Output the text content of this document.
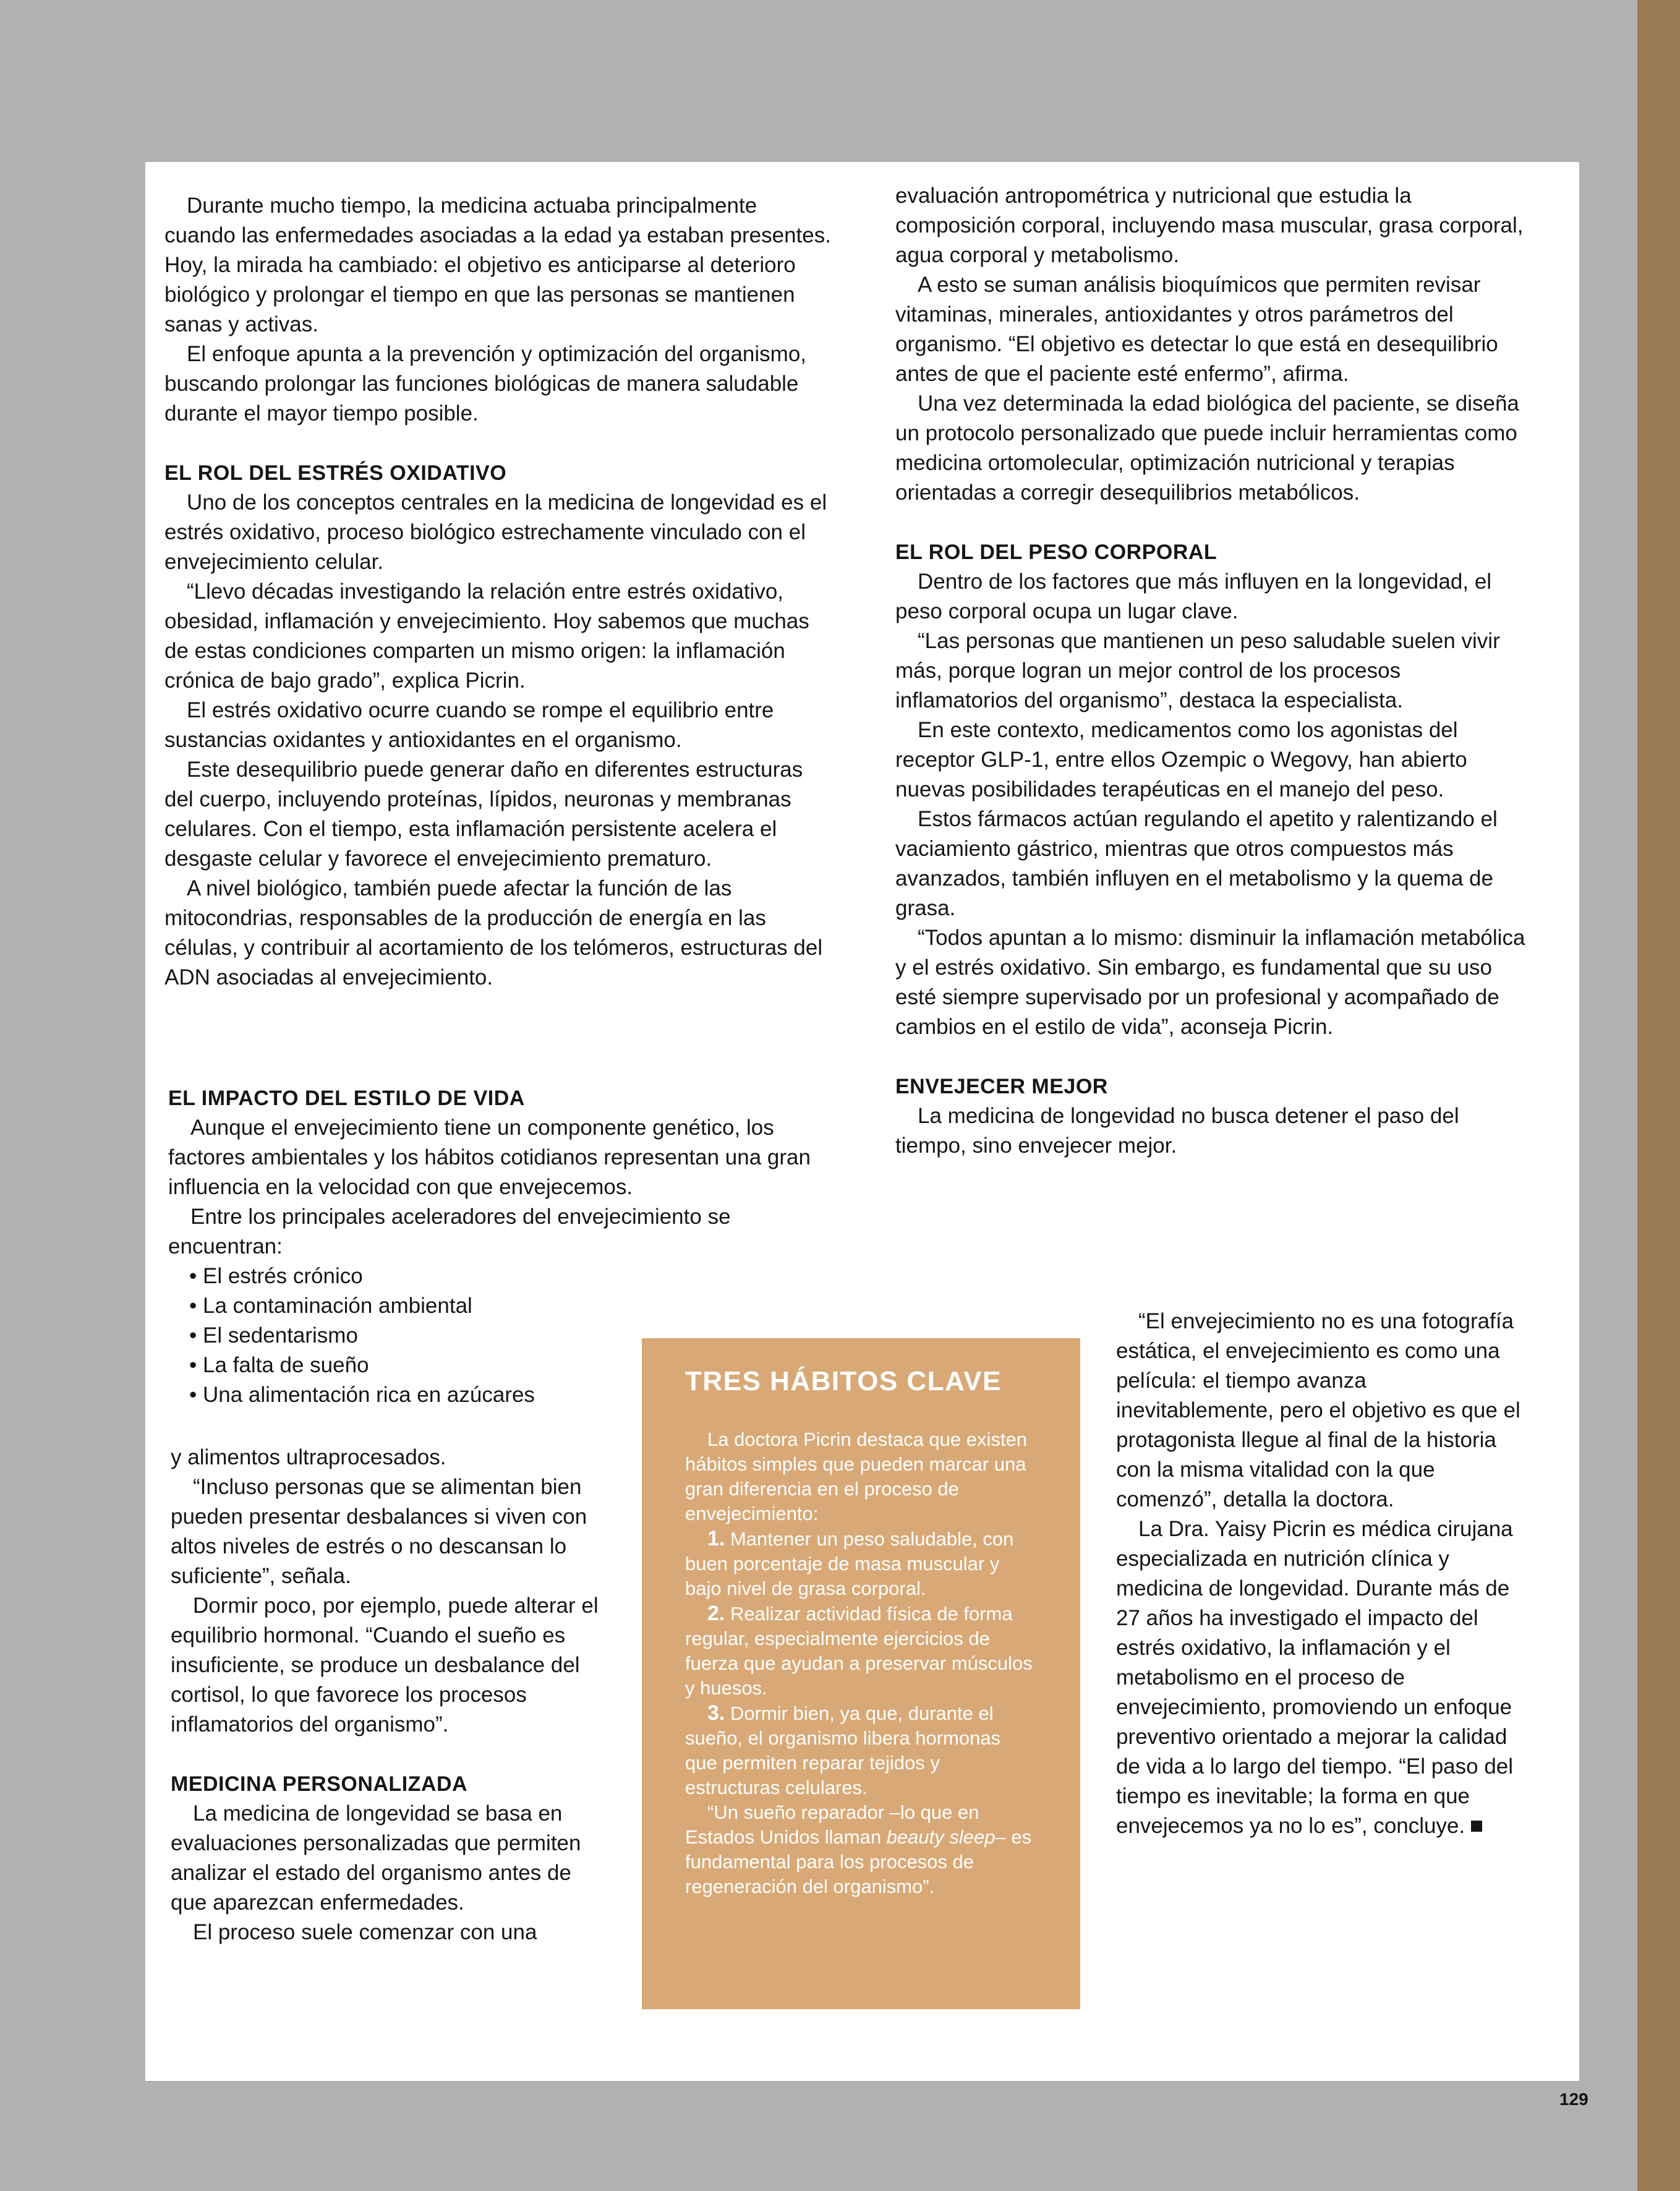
Durante mucho tiempo, la medicina actuaba principalmente cuando las enfermedades asociadas a la edad ya estaban presentes. Hoy, la mirada ha cambiado: el objetivo es anticiparse al deterioro biológico y prolongar el tiempo en que las personas se mantienen sanas y activas.

El enfoque apunta a la prevención y optimización del organismo, buscando prolongar las funciones biológicas de manera saludable durante el mayor tiempo posible.

EL ROL DEL ESTRÉS OXIDATIVO

Uno de los conceptos centrales en la medicina de longevidad es el estrés oxidativo, proceso biológico estrechamente vinculado con el envejecimiento celular.

“Llevo décadas investigando la relación entre estrés oxidativo, obesidad, inflamación y envejecimiento. Hoy sabemos que muchas de estas condiciones comparten un mismo origen: la inflamación crónica de bajo grado”, explica Picrin.

El estrés oxidativo ocurre cuando se rompe el equilibrio entre sustancias oxidantes y antioxidantes en el organismo.

Este desequilibrio puede generar daño en diferentes estructuras del cuerpo, incluyendo proteínas, lípidos, neuronas y membranas celulares. Con el tiempo, esta inflamación persistente acelera el desgaste celular y favorece el envejecimiento prematuro.

A nivel biológico, también puede afectar la función de las mitocondrias, responsables de la producción de energía en las células, y contribuir al acortamiento de los telómeros, estructuras del ADN asociadas al envejecimiento.

EL IMPACTO DEL ESTILO DE VIDA

Aunque el envejecimiento tiene un componente genético, los factores ambientales y los hábitos cotidianos representan una gran influencia en la velocidad con que envejecemos.

Entre los principales aceleradores del envejecimiento se encuentran:

• El estrés crónico
• La contaminación ambiental
• El sedentarismo
• La falta de sueño
• Una alimentación rica en azúcares

y alimentos ultraprocesados.

“Incluso personas que se alimentan bien pueden presentar desbalances si viven con altos niveles de estrés o no descansan lo suficiente”, señala.

Dormir poco, por ejemplo, puede alterar el equilibrio hormonal. “Cuando el sueño es insuficiente, se produce un desbalance del cortisol, lo que favorece los procesos inflamatorios del organismo”.

MEDICINA PERSONALIZADA

La medicina de longevidad se basa en evaluaciones personalizadas que permiten analizar el estado del organismo antes de que aparezcan enfermedades.

El proceso suele comenzar con una

evaluación antropométrica y nutricional que estudia la composición corporal, incluyendo masa muscular, grasa corporal, agua corporal y metabolismo.

A esto se suman análisis bioquímicos que permiten revisar vitaminas, minerales, antioxidantes y otros parámetros del organismo. “El objetivo es detectar lo que está en desequilibrio antes de que el paciente esté enfermo”, afirma.

Una vez determinada la edad biológica del paciente, se diseña un protocolo personalizado que puede incluir herramientas como medicina ortomolecular, optimización nutricional y terapias orientadas a corregir desequilibrios metabólicos.

EL ROL DEL PESO CORPORAL

Dentro de los factores que más influyen en la longevidad, el peso corporal ocupa un lugar clave.

“Las personas que mantienen un peso saludable suelen vivir más, porque logran un mejor control de los procesos inflamatorios del organismo”, destaca la especialista.

En este contexto, medicamentos como los agonistas del receptor GLP-1, entre ellos Ozempic o Wegovy, han abierto nuevas posibilidades terapéuticas en el manejo del peso.

Estos fármacos actúan regulando el apetito y ralentizando el vaciamiento gástrico, mientras que otros compuestos más avanzados, también influyen en el metabolismo y la quema de grasa.

“Todos apuntan a lo mismo: disminuir la inflamación metabólica y el estrés oxidativo. Sin embargo, es fundamental que su uso esté siempre supervisado por un profesional y acompañado de cambios en el estilo de vida”, aconseja Picrin.

ENVEJECER MEJOR

La medicina de longevidad no busca detener el paso del tiempo, sino envejecer mejor.

“El envejecimiento no es una fotografía estática, el envejecimiento es como una película: el tiempo avanza inevitablemente, pero el objetivo es que el protagonista llegue al final de la historia con la misma vitalidad con la que comenzó”, detalla la doctora.

La Dra. Yaisy Picrin es médica cirujana especializada en nutrición clínica y medicina de longevidad. Durante más de 27 años ha investigado el impacto del estrés oxidativo, la inflamación y el metabolismo en el proceso de envejecimiento, promoviendo un enfoque preventivo orientado a mejorar la calidad de vida a lo largo del tiempo. “El paso del tiempo es inevitable; la forma en que envejecemos ya no lo es”, concluye.

TRES HÁBITOS CLAVE

La doctora Picrin destaca que existen hábitos simples que pueden marcar una gran diferencia en el proceso de envejecimiento:

1. Mantener un peso saludable, con buen porcentaje de masa muscular y bajo nivel de grasa corporal.

2. Realizar actividad física de forma regular, especialmente ejercicios de fuerza que ayudan a preservar músculos y huesos.

3. Dormir bien, ya que, durante el sueño, el organismo libera hormonas que permiten reparar tejidos y estructuras celulares.

“Un sueño reparador –lo que en Estados Unidos llaman beauty sleep– es fundamental para los procesos de regeneración del organismo”.

129
